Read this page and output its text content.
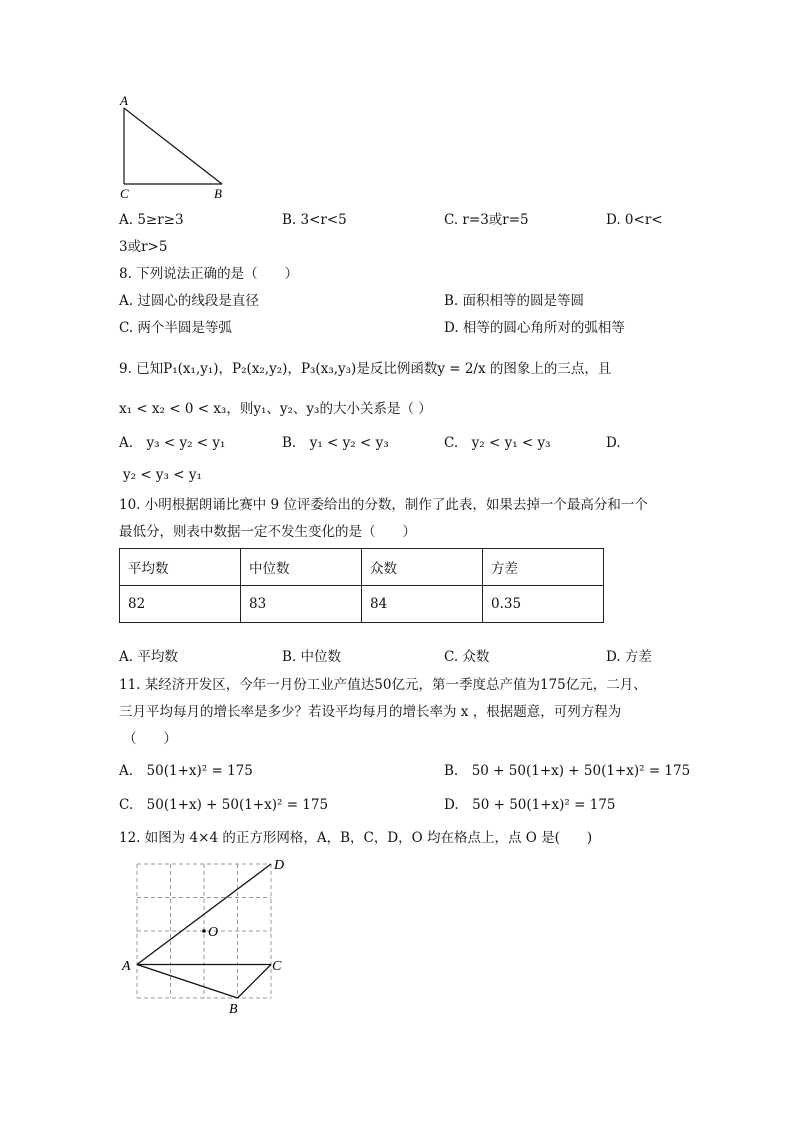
A
C	B
A. 5≥r≥3	B. 3<r<5	C. r=3或r=5	D. 0<r<
3或r>5
8. 下列说法正确的是（　　）
A. 过圆心的线段是直径	B. 面积相等的圆是等圆
C. 两个半圆是等弧	D. 相等的圆心角所对的弧相等
9. 已知P₁(x₁,y₁)，P₂(x₂,y₂)，P₃(x₃,y₃)是反比例函数y = 2/x 的图象上的三点，且
x₁ < x₂ < 0 < x₃，则y₁、y₂、y₃的大小关系是（ ）
A.　y₃ < y₂ < y₁	B.　y₁ < y₂ < y₃	C.　y₂ < y₁ < y₃	D.
y₂ < y₃ < y₁
10. 小明根据朗诵比赛中 9 位评委给出的分数，制作了此表，如果去掉一个最高分和一个
最低分，则表中数据一定不发生变化的是（　　）
平均数	中位数	众数	方差
82	83	84	0.35
A. 平均数	B. 中位数	C. 众数	D. 方差
11. 某经济开发区，今年一月份工业产值达50亿元，第一季度总产值为175亿元，二月、
三月平均每月的增长率是多少？若设平均每月的增长率为 x ，根据题意，可列方程为
（　　）
A.　50(1+x)² = 175	B.　50 + 50(1+x) + 50(1+x)² = 175
C.　50(1+x) + 50(1+x)² = 175	D.　50 + 50(1+x)² = 175
12. 如图为 4×4 的正方形网格，A，B，C，D，O 均在格点上，点 O 是(　　)
A
B
C
D
O
